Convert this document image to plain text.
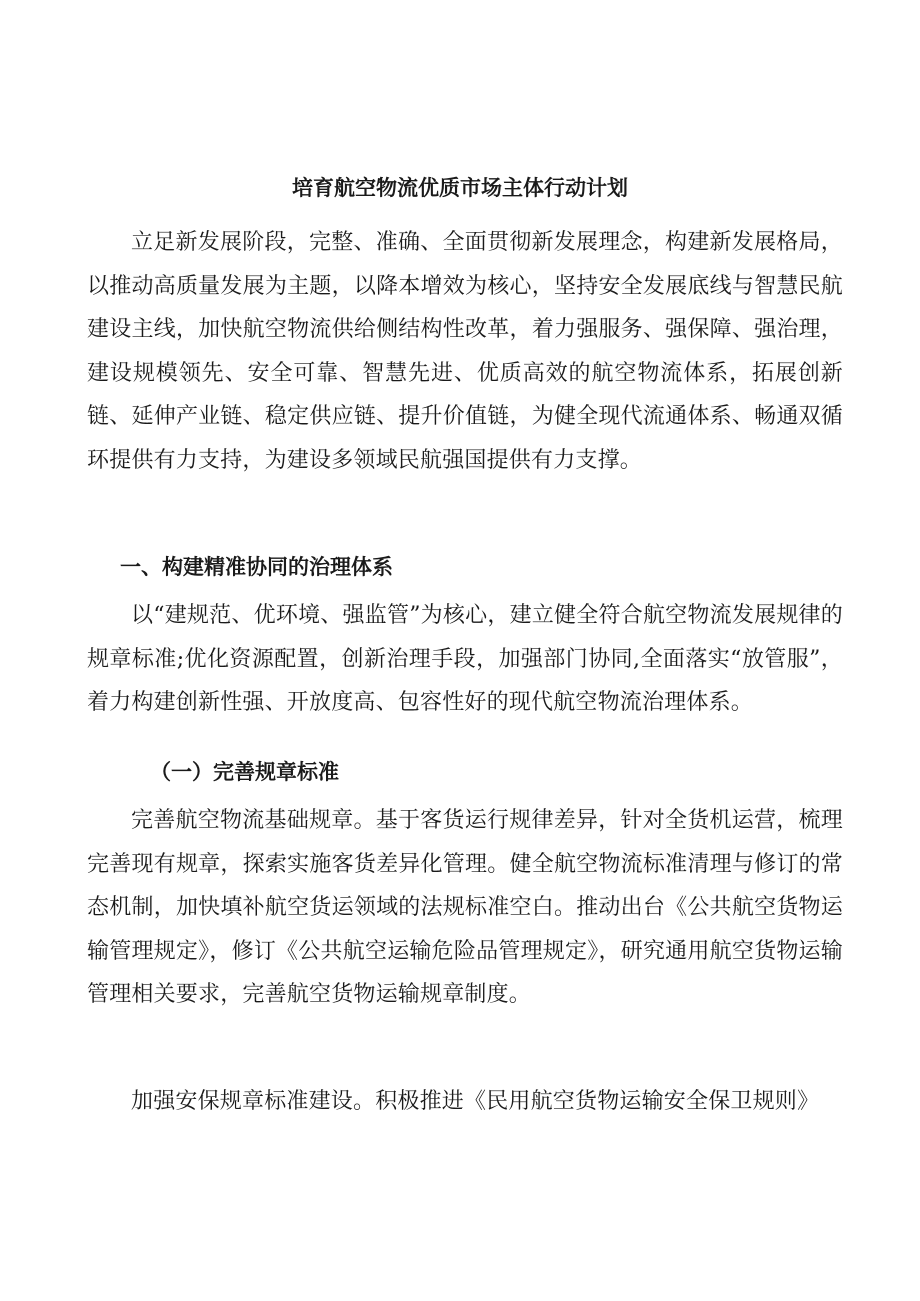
培育航空物流优质市场主体行动计划

立足新发展阶段，完整、准确、全面贯彻新发展理念，构建新发展格局，以推动高质量发展为主题，以降本增效为核心，坚持安全发展底线与智慧民航建设主线，加快航空物流供给侧结构性改革，着力强服务、强保障、强治理，建设规模领先、安全可靠、智慧先进、优质高效的航空物流体系，拓展创新链、延伸产业链、稳定供应链、提升价值链，为健全现代流通体系、畅通双循环提供有力支持，为建设多领域民航强国提供有力支撑。

一、构建精准协同的治理体系

以“建规范、优环境、强监管”为核心，建立健全符合航空物流发展规律的规章标准;优化资源配置，创新治理手段，加强部门协同,全面落实“放管服”，着力构建创新性强、开放度高、包容性好的现代航空物流治理体系。

（一）完善规章标准

完善航空物流基础规章。基于客货运行规律差异，针对全货机运营，梳理完善现有规章，探索实施客货差异化管理。健全航空物流标准清理与修订的常态机制，加快填补航空货运领域的法规标准空白。推动出台《公共航空货物运输管理规定》，修订《公共航空运输危险品管理规定》，研究通用航空货物运输管理相关要求，完善航空货物运输规章制度。

加强安保规章标准建设。积极推进《民用航空货物运输安全保卫规则》
